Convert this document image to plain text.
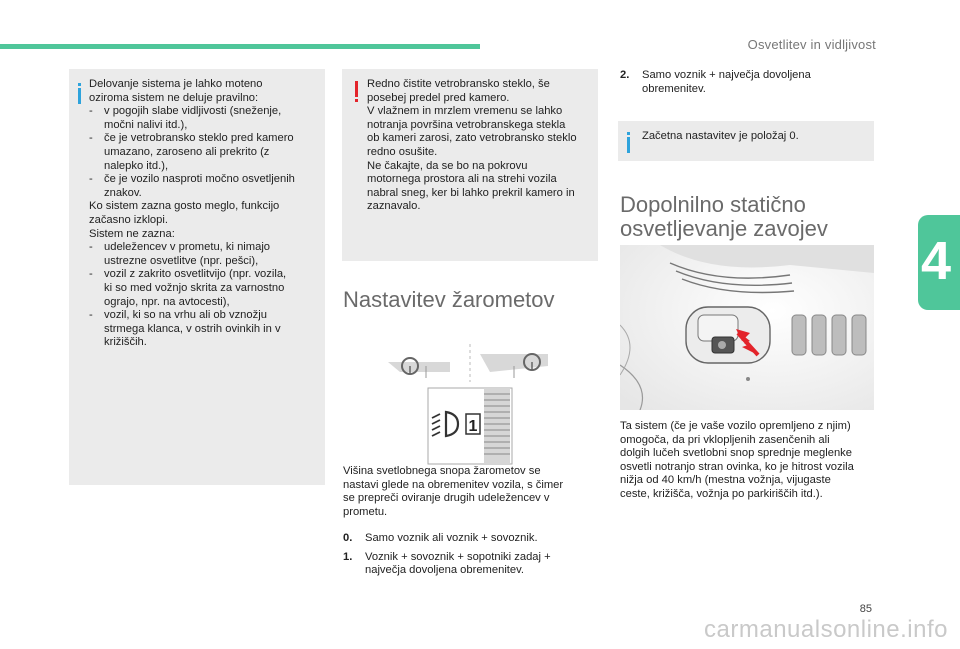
Osvetlitev in vidljivost
4

Delovanje sistema je lahko moteno

oziroma sistem ne deluje pravilno:

-	v pogojih slabe vidljivosti (sneženje,

močni nalivi itd.),

-	če je vetrobransko steklo pred kamero

umazano, zaroseno ali prekrito (z

nalepko itd.),

-	če je vozilo nasproti močno osvetljenih

znakov.

Ko sistem zazna gosto meglo, funkcijo

začasno izklopi.

Sistem ne zazna:

-	udeležencev v prometu, ki nimajo

ustrezne osvetlitve (npr. pešci),

-	vozil z zakrito osvetlitvijo (npr. vozila,

ki so med vožnjo skrita za varnostno

ograjo, npr. na avtocesti),

-	vozil, ki so na vrhu ali ob vznožju

strmega klanca, v ostrih ovinkih in v

križiščih.

Redno čistite vetrobransko steklo, še

posebej predel pred kamero.

V vlažnem in mrzlem vremenu se lahko

notranja površina vetrobranskega stekla

ob kameri zarosi, zato vetrobransko steklo

redno osušite.

Ne čakajte, da se bo na pokrovu

motornega prostora ali na strehi vozila

nabral sneg, ker bi lahko prekril kamero in

zaznavalo.

Nastavitev žarometov
1

Višina svetlobnega snopa žarometov se

nastavi glede na obremenitev vozila, s čimer

se prepreči oviranje drugih udeležencev v

prometu.

0.	Samo voznik ali voznik + sovoznik.

1.	Voznik + sovoznik + sopotniki zadaj +

največja dovoljena obremenitev.

2.	Samo voznik + največja dovoljena

obremenitev.

Začetna nastavitev je položaj 0.
Dopolnilno statično
osvetljevanje zavojev

Ta sistem (če je vaše vozilo opremljeno z njim)

omogoča, da pri vklopljenih zasenčenih ali

dolgih lučeh svetlobni snop sprednje meglenke

osvetli notranjo stran ovinka, ko je hitrost vozila

nižja od 40 km/h (mestna vožnja, vijugaste

ceste, križišča, vožnja po parkiriščih itd.).

85
carmanualsonline.info
